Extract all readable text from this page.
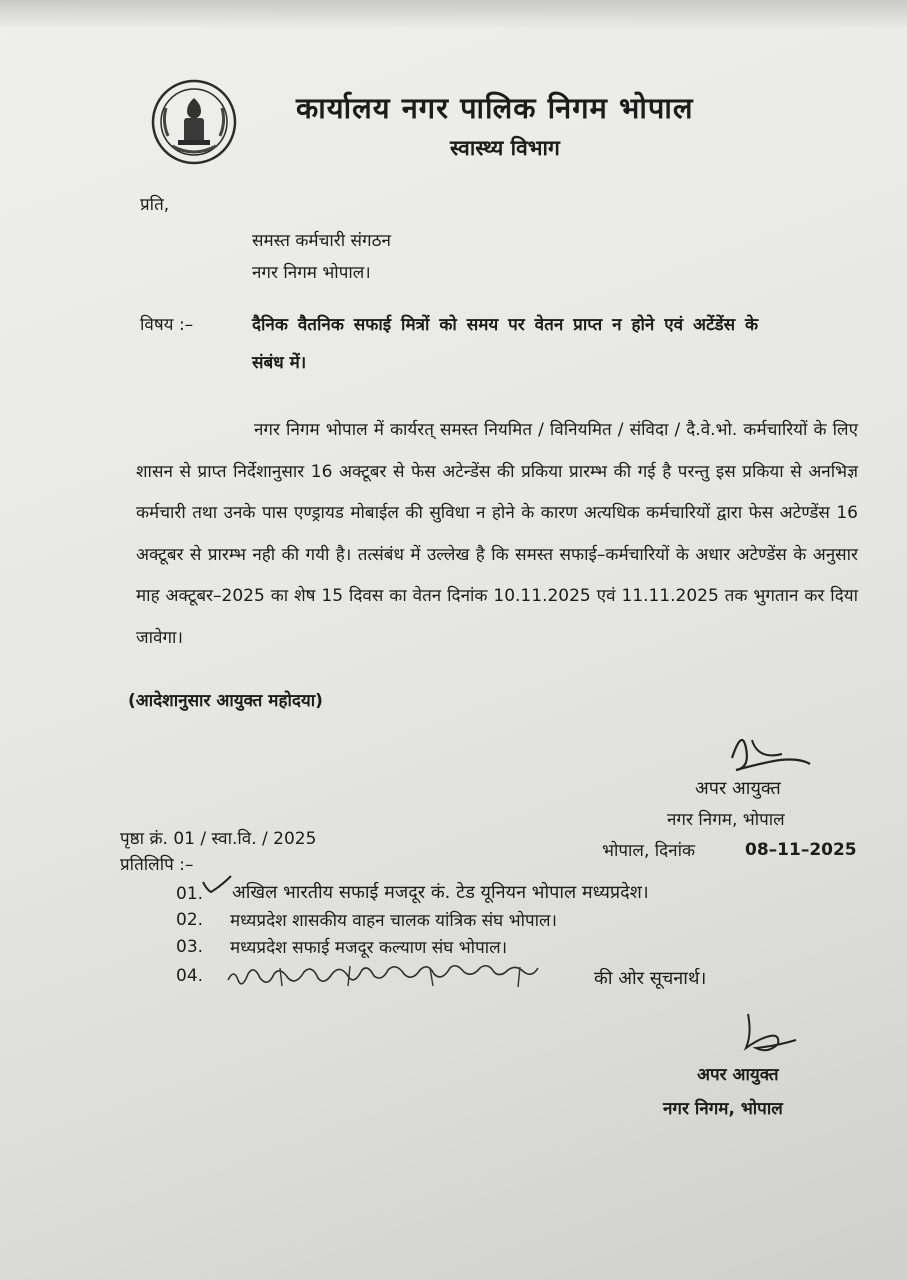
कार्यालय नगर पालिक निगम भोपाल
स्वास्थ्य विभाग
प्रति,
समस्त कर्मचारी संगठन
नगर निगम भोपाल।
विषय :–	दैनिक वैतनिक सफाई मित्रों को समय पर वेतन प्राप्त न होने एवं अटेंडेंस के
संबंध में।
नगर निगम भोपाल में कार्यरत् समस्त नियमित / विनियमित / संविदा / दै.वे.भो. कर्मचारियों के लिए शासन से प्राप्त निर्देशानुसार 16 अक्टूबर से फेस अटेन्डेंस की प्रकिया प्रारम्भ की गई है परन्तु इस प्रकिया से अनभिज्ञ कर्मचारी तथा उनके पास एण्ड्रायड मोबाईल की सुविधा न होने के कारण अत्यधिक कर्मचारियों द्वारा फेस अटेण्डेंस 16 अक्टूबर से प्रारम्भ नही की गयी है। तत्संबंध में उल्लेख है कि समस्त सफाई–कर्मचारियों के अधार अटेण्डेंस के अनुसार माह अक्टूबर–2025 का शेष 15 दिवस का वेतन दिनांक 10.11.2025 एवं 11.11.2025 तक भुगतान कर दिया जावेगा।
(आदेशानुसार आयुक्त महोदया)
अपर आयुक्त
नगर निगम, भोपाल
पृष्ठा क्रं. 01 / स्वा.वि. / 2025
भोपाल, दिनांक	08–11–2025
प्रतिलिपि :–
01. अखिल भारतीय सफाई मजदूर कं. टेड यूनियन भोपाल मध्यप्रदेश।
02. मध्यप्रदेश शासकीय वाहन चालक यांत्रिक संघ भोपाल।
03. मध्यप्रदेश सफाई मजदूर कल्याण संघ भोपाल।
04.	की ओर सूचनार्थ।
अपर आयुक्त
नगर निगम, भोपाल
